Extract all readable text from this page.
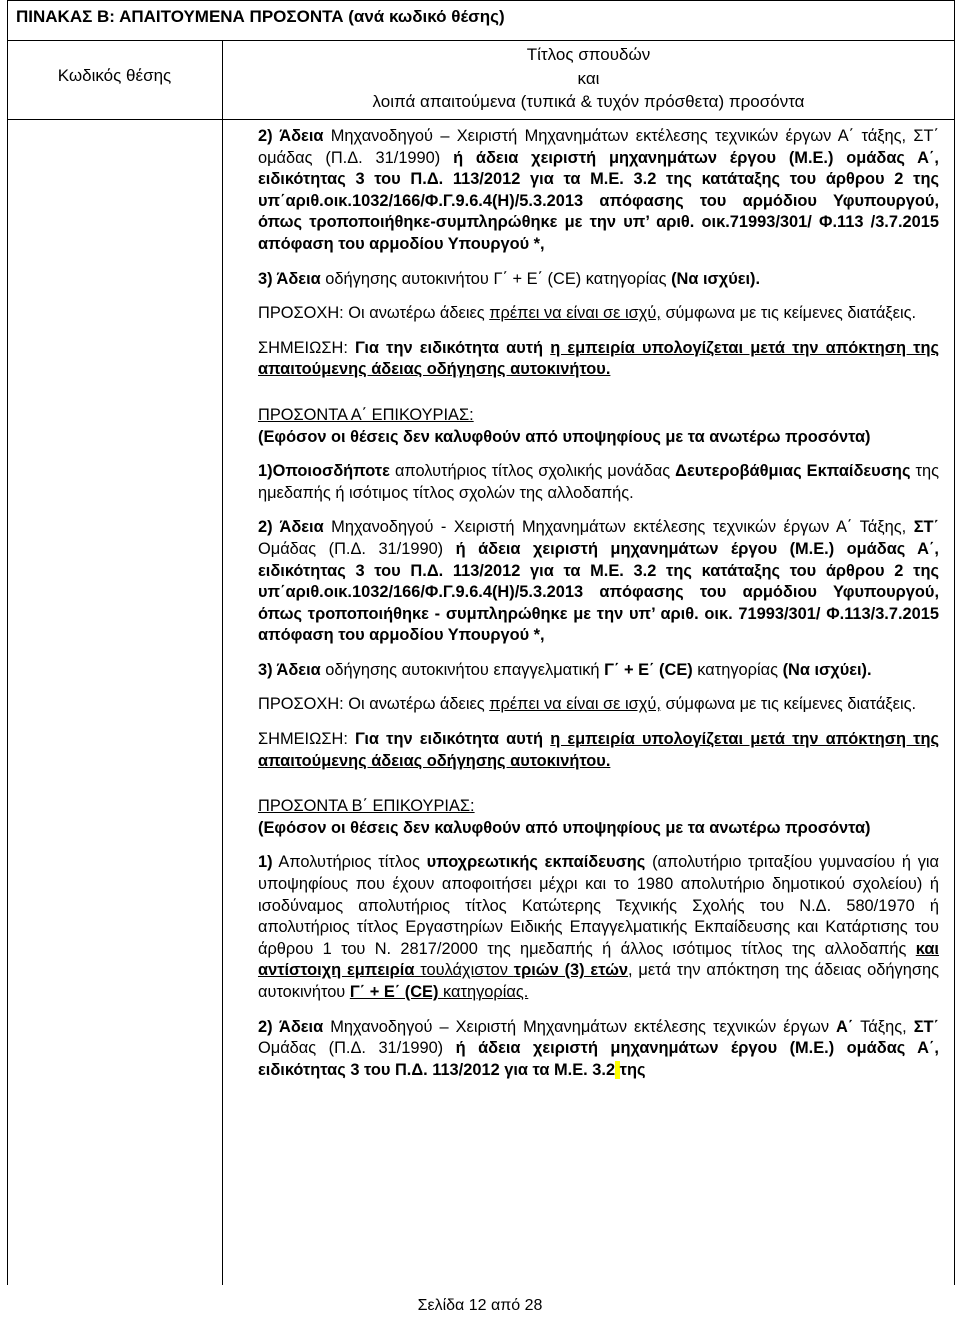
ΠΙΝΑΚΑΣ Β: ΑΠΑΙΤΟΥΜΕΝΑ ΠΡΟΣΟΝΤΑ (ανά κωδικό θέσης)
Κωδικός θέσης
Τίτλος σπουδών
και
λοιπά απαιτούμενα (τυπικά & τυχόν πρόσθετα) προσόντα

2) Άδεια Μηχανοδηγού – Χειριστή Μηχανημάτων εκτέλεσης τεχνικών έργων Α΄ τάξης, ΣΤ΄ ομάδας (Π.Δ. 31/1990) ή άδεια χειριστή μηχανημάτων έργου (Μ.Ε.) ομάδας Α΄, ειδικότητας 3 του Π.Δ. 113/2012 για τα Μ.Ε. 3.2 της κατάταξης του άρθρου 2 της υπ΄αριθ.οικ.1032/166/Φ.Γ.9.6.4(Η)/5.3.2013 απόφασης του αρμόδιου Υφυπουργού, όπως τροποποιήθηκε-συμπληρώθηκε με την υπ’ αριθ. οικ.71993/301/ Φ.113 /3.7.2015 απόφαση του αρμοδίου Υπουργού *,

3) Άδεια οδήγησης αυτοκινήτου Γ΄ + Ε΄ (CE) κατηγορίας (Να ισχύει).

ΠΡΟΣΟΧΗ: Οι ανωτέρω άδειες πρέπει να είναι σε ισχύ, σύμφωνα με τις κείμενες διατάξεις.

ΣΗΜΕΙΩΣΗ: Για την ειδικότητα αυτή η εμπειρία υπολογίζεται μετά την απόκτηση της απαιτούμενης άδειας οδήγησης αυτοκινήτου.

ΠΡΟΣΟΝΤΑ Α΄ ΕΠΙΚΟΥΡΙΑΣ:

(Εφόσον οι θέσεις δεν καλυφθούν από υποψηφίους με τα ανωτέρω προσόντα)

1)Οποιοσδήποτε απολυτήριος τίτλος σχολικής μονάδας Δευτεροβάθμιας Εκπαίδευσης της ημεδαπής ή ισότιμος τίτλος σχολών της αλλοδαπής.

2) Άδεια Μηχανοδηγού - Χειριστή Μηχανημάτων εκτέλεσης τεχνικών έργων Α΄ Τάξης, ΣΤ΄ Ομάδας (Π.Δ. 31/1990) ή άδεια χειριστή μηχανημάτων έργου (Μ.Ε.) ομάδας Α΄, ειδικότητας 3 του Π.Δ. 113/2012 για τα Μ.Ε. 3.2 της κατάταξης του άρθρου 2 της υπ΄αριθ.οικ.1032/166/Φ.Γ.9.6.4(Η)/5.3.2013 απόφασης του αρμόδιου Υφυπουργού, όπως τροποποιήθηκε - συμπληρώθηκε με την υπ’ αριθ. οικ. 71993/301/ Φ.113/3.7.2015 απόφαση του αρμοδίου Υπουργού *,

3) Άδεια οδήγησης αυτοκινήτου επαγγελματική Γ΄ + Ε΄ (CE) κατηγορίας (Να ισχύει).

ΠΡΟΣΟΧΗ: Οι ανωτέρω άδειες πρέπει να είναι σε ισχύ, σύμφωνα με τις κείμενες διατάξεις.

ΣΗΜΕΙΩΣΗ: Για την ειδικότητα αυτή η εμπειρία υπολογίζεται μετά την απόκτηση της απαιτούμενης άδειας οδήγησης αυτοκινήτου.

ΠΡΟΣΟΝΤΑ Β΄ ΕΠΙΚΟΥΡΙΑΣ:

(Εφόσον οι θέσεις δεν καλυφθούν από υποψηφίους με τα ανωτέρω προσόντα)

1) Απολυτήριος τίτλος υποχρεωτικής εκπαίδευσης (απολυτήριο τριταξίου γυμνασίου ή για υποψηφίους που έχουν αποφοιτήσει μέχρι και το 1980 απολυτήριο δημοτικού σχολείου) ή ισοδύναμος απολυτήριος τίτλος Κατώτερης Τεχνικής Σχολής του Ν.Δ. 580/1970 ή απολυτήριος τίτλος Εργαστηρίων Ειδικής Επαγγελματικής Εκπαίδευσης και Κατάρτισης του άρθρου 1 του Ν. 2817/2000 της ημεδαπής ή άλλος ισότιμος τίτλος της αλλοδαπής και αντίστοιχη εμπειρία τουλάχιστον τριών (3) ετών, μετά την απόκτηση της άδειας οδήγησης αυτοκινήτου Γ΄ + Ε΄ (CE) κατηγορίας.

2) Άδεια Μηχανοδηγού – Χειριστή Μηχανημάτων εκτέλεσης τεχνικών έργων Α΄ Τάξης, ΣΤ΄ Ομάδας (Π.Δ. 31/1990) ή άδεια χειριστή μηχανημάτων έργου (Μ.Ε.) ομάδας Α΄, ειδικότητας 3 του Π.Δ. 113/2012 για τα Μ.Ε. 3.2 της

Σελίδα 12 από 28
